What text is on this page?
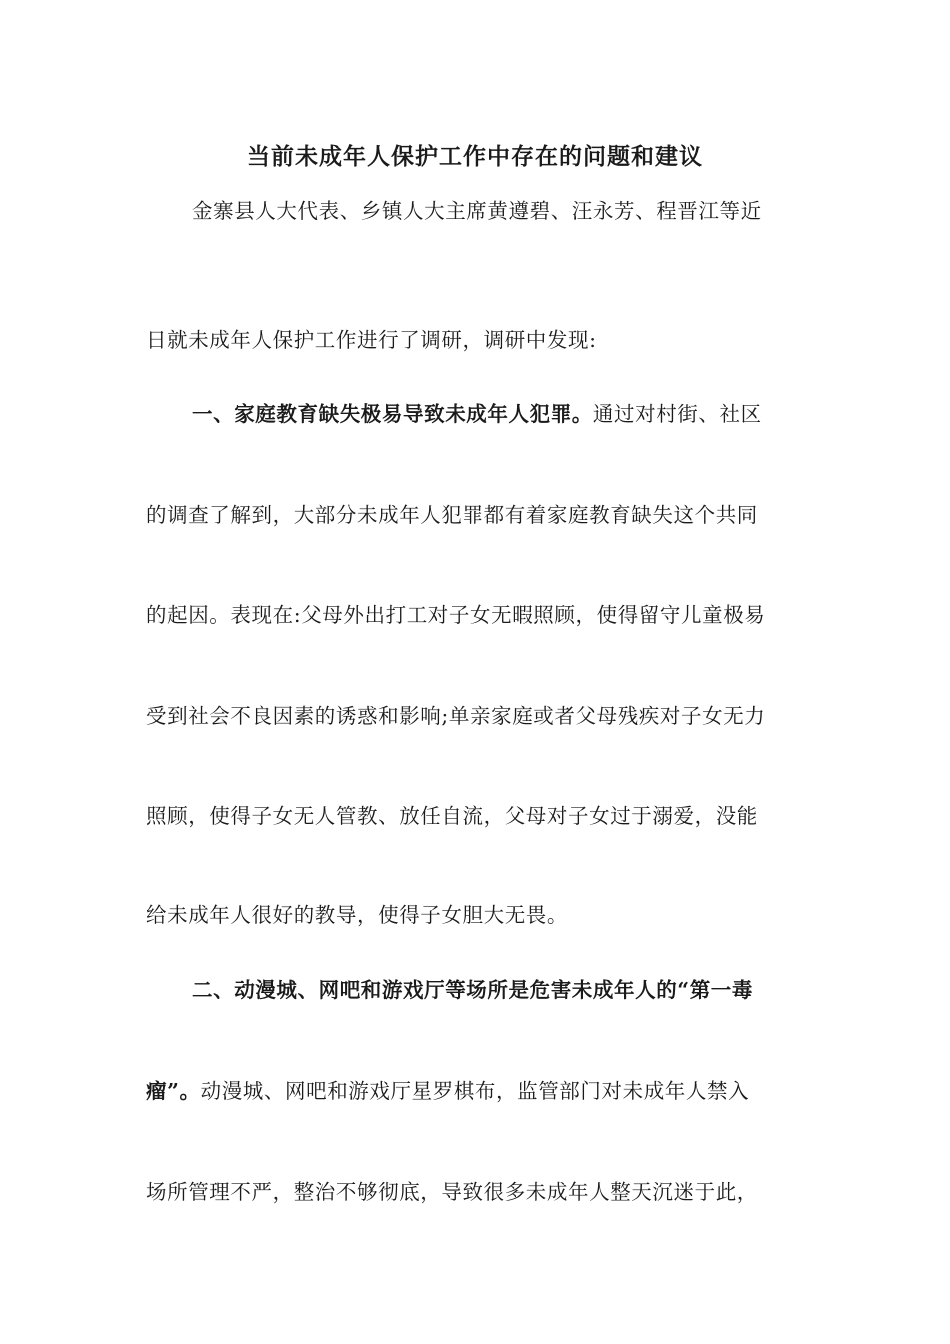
当前未成年人保护工作中存在的问题和建议
金寨县人大代表、乡镇人大主席黄遵碧、汪永芳、程晋江等近
日就未成年人保护工作进行了调研，调研中发现:
一、家庭教育缺失极易导致未成年人犯罪。通过对村街、社区
的调查了解到，大部分未成年人犯罪都有着家庭教育缺失这个共同
的起因。表现在:父母外出打工对子女无暇照顾，使得留守儿童极易
受到社会不良因素的诱惑和影响;单亲家庭或者父母残疾对子女无力
照顾，使得子女无人管教、放任自流，父母对子女过于溺爱，没能
给未成年人很好的教导，使得子女胆大无畏。
二、动漫城、网吧和游戏厅等场所是危害未成年人的“第一毒
瘤”。动漫城、网吧和游戏厅星罗棋布，监管部门对未成年人禁入
场所管理不严，整治不够彻底，导致很多未成年人整天沉迷于此，
